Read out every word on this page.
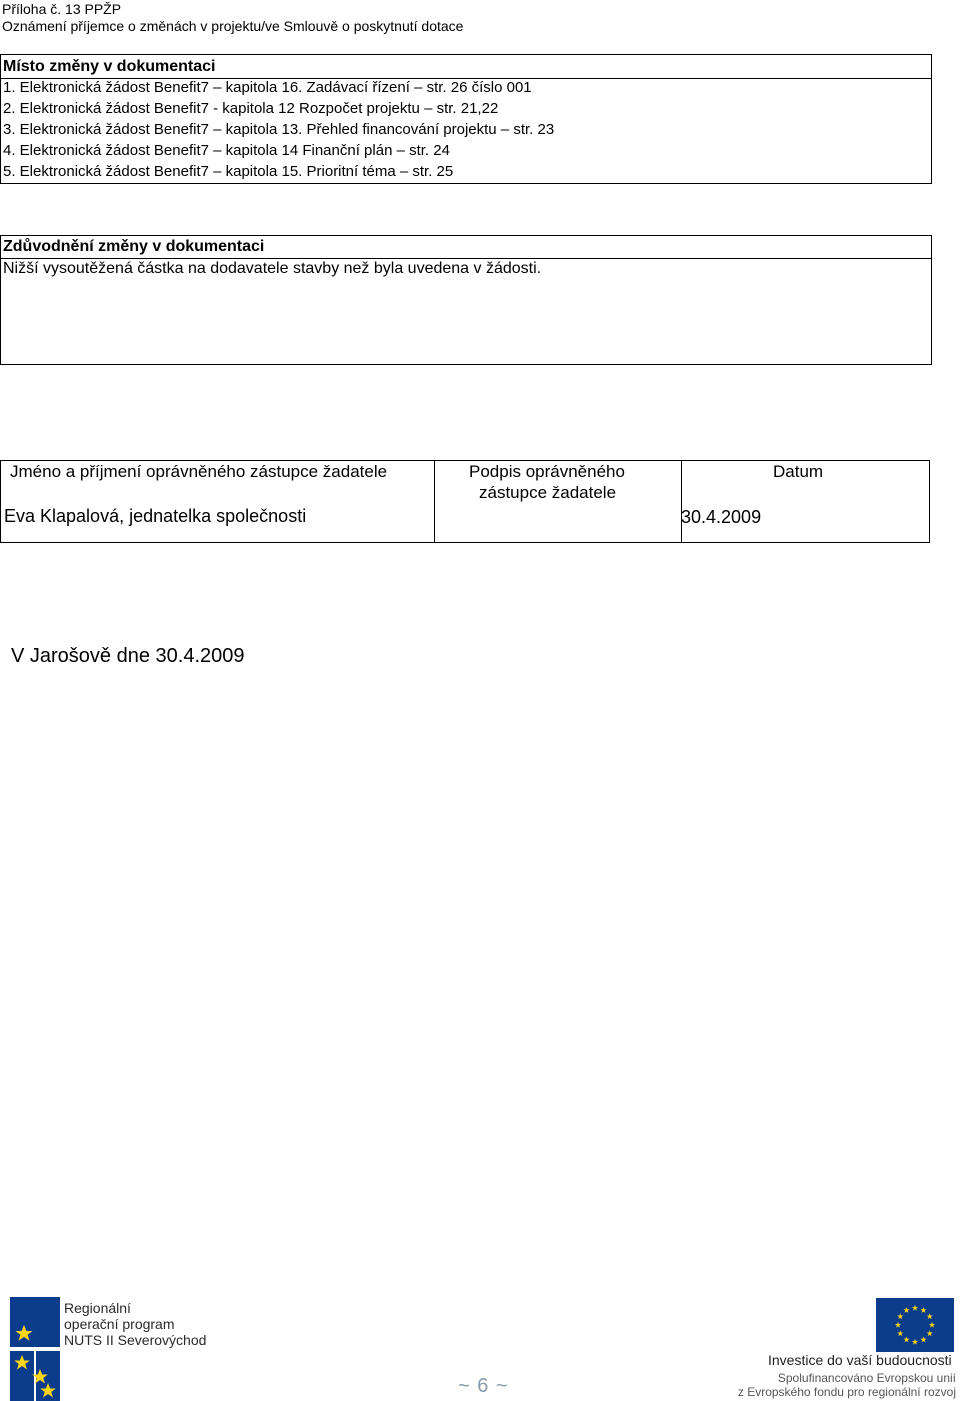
Příloha č. 13 PPŽP
Oznámení příjemce o změnách v projektu/ve Smlouvě o poskytnutí dotace
Místo změny v dokumentaci
1. Elektronická žádost Benefit7 – kapitola 16. Zadávací řízení – str. 26 číslo 001
2. Elektronická žádost Benefit7 - kapitola 12 Rozpočet projektu – str. 21,22
3. Elektronická žádost Benefit7 – kapitola 13. Přehled financování projektu – str. 23
4. Elektronická žádost Benefit7 – kapitola 14 Finanční plán – str. 24
5. Elektronická žádost Benefit7 – kapitola 15. Prioritní téma – str. 25
Zdůvodnění změny v dokumentaci
Nižší vysoutěžená částka na dodavatele stavby než byla uvedena v žádosti.
Jméno a příjmení oprávněného zástupce žadatele	Podpis oprávněného
zástupce žadatele
Datum
Eva Klapalová, jednatelka společnosti	30.4.2009
V Jarošově dne 30.4.2009
Regionální
operační program
NUTS II Severovýchod
~ 6 ~
Investice do vaší budoucnosti
Spolufinancováno Evropskou unií
z Evropského fondu pro regionální rozvoj
